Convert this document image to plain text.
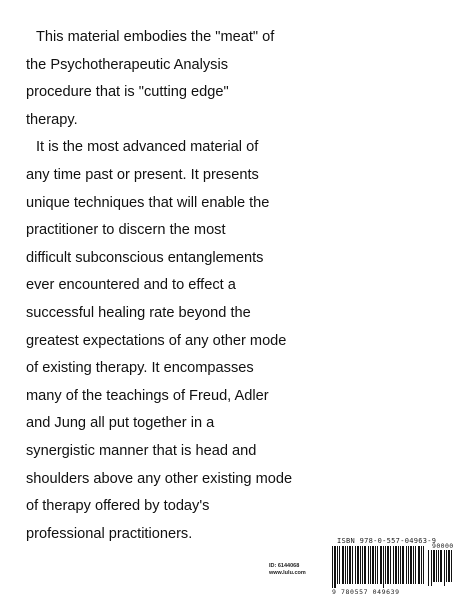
This material embodies the "meat" of
the Psychotherapeutic Analysis
procedure that is "cutting edge"
therapy.
It is the most advanced material of
any time past or present. It presents
unique techniques that will enable the
practitioner to discern the most
difficult subconscious entanglements
ever encountered and to effect a
successful healing rate beyond the
greatest expectations of any other mode
of existing therapy. It encompasses
many of the teachings of Freud, Adler
and Jung all put together in a
synergistic manner that is head and
shoulders above any other existing mode
of therapy offered by today's
professional practitioners.
ID: 6144068
www.lulu.com
ISBN 978-0-557-04963-9
90000
9 780557 049639
